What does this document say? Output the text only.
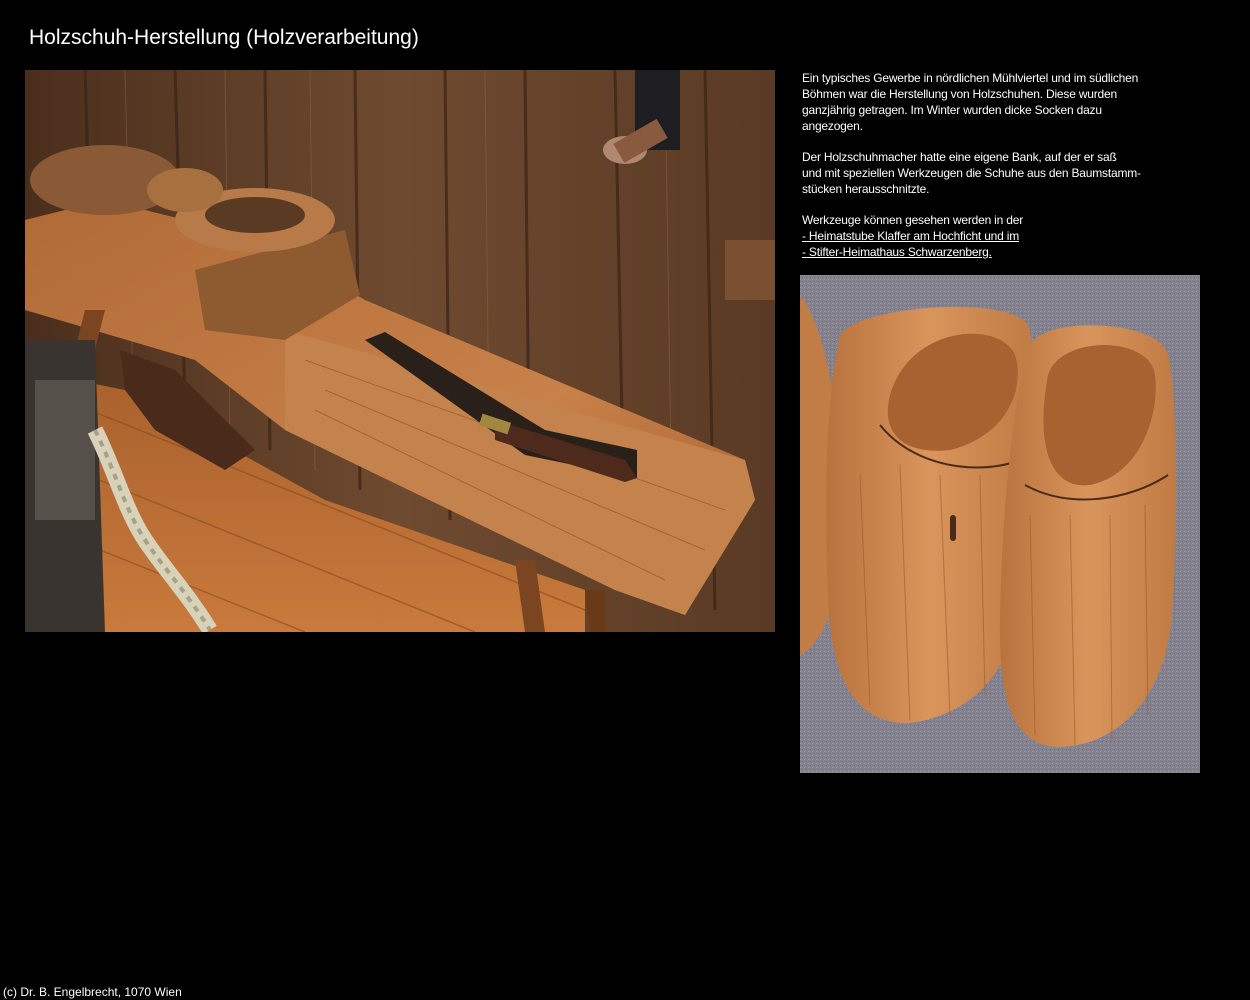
Holzschuh-Herstellung (Holzverarbeitung)

Ein typisches Gewerbe in nördlichen Mühlviertel und im südlichen
Böhmen war die Herstellung von Holzschuhen. Diese wurden
ganzjährig getragen. Im Winter wurden dicke Socken dazu
angezogen.

Der Holzschuhmacher hatte eine eigene Bank, auf der er saß
und mit speziellen Werkzeugen die Schuhe aus den Baumstamm-
stücken herausschnitzte.

Werkzeuge können gesehen werden in der
- Heimatstube Klaffer am Hochficht und im
- Stifter-Heimathaus Schwarzenberg.

(c) Dr. B. Engelbrecht, 1070 Wien
